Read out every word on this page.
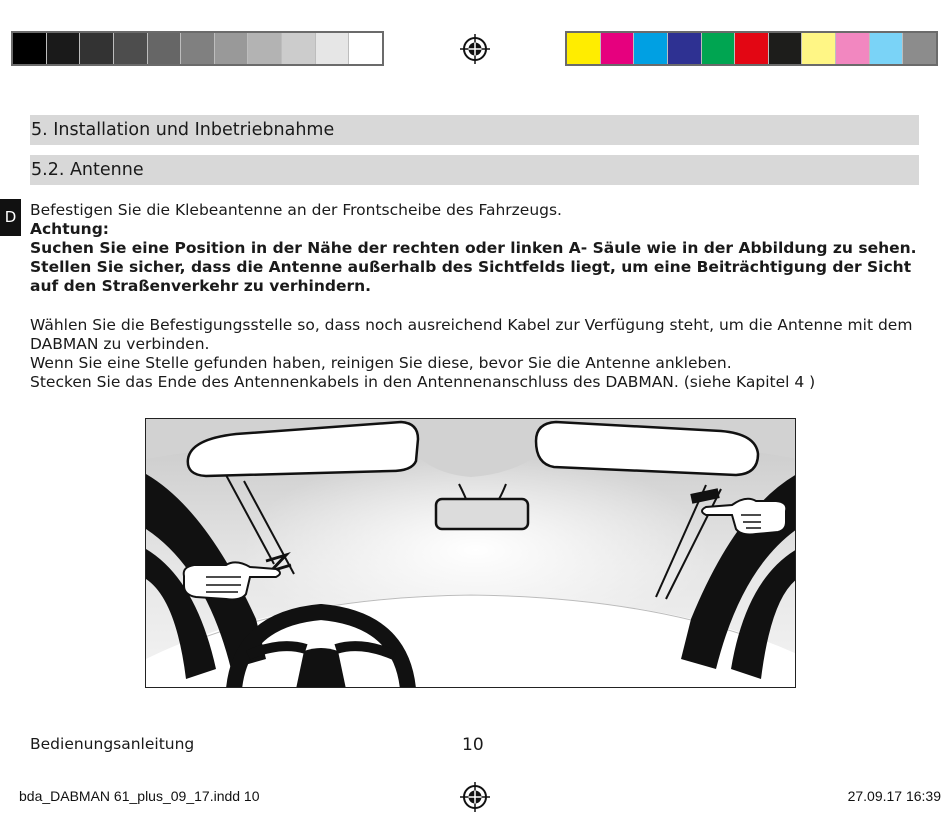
5. Installation und Inbetriebnahme
5.2. Antenne
D Befestigen Sie die Klebeantenne an der Frontscheibe des Fahrzeugs.

Achtung:

Suchen Sie eine Position in der Nähe der rechten oder linken A- Säule wie in der Abbildung zu sehen.

Stellen Sie sicher, dass die Antenne außerhalb des Sichtfelds liegt, um eine Beiträchtigung der Sicht auf den Straßenverkehr zu verhindern.

Wählen Sie die Befestigungsstelle so, dass noch ausreichend Kabel zur Verfügung steht, um die Antenne mit dem DABMAN zu verbinden.

Wenn Sie eine Stelle gefunden haben, reinigen Sie diese, bevor Sie die Antenne ankleben.

Stecken Sie das Ende des Antennenkabels in den Antennenanschluss des DABMAN. (siehe Kapitel 4 )

Bedienungsanleitung	10
bda_DABMAN 61_plus_09_17.indd 10	27.09.17 16:39
